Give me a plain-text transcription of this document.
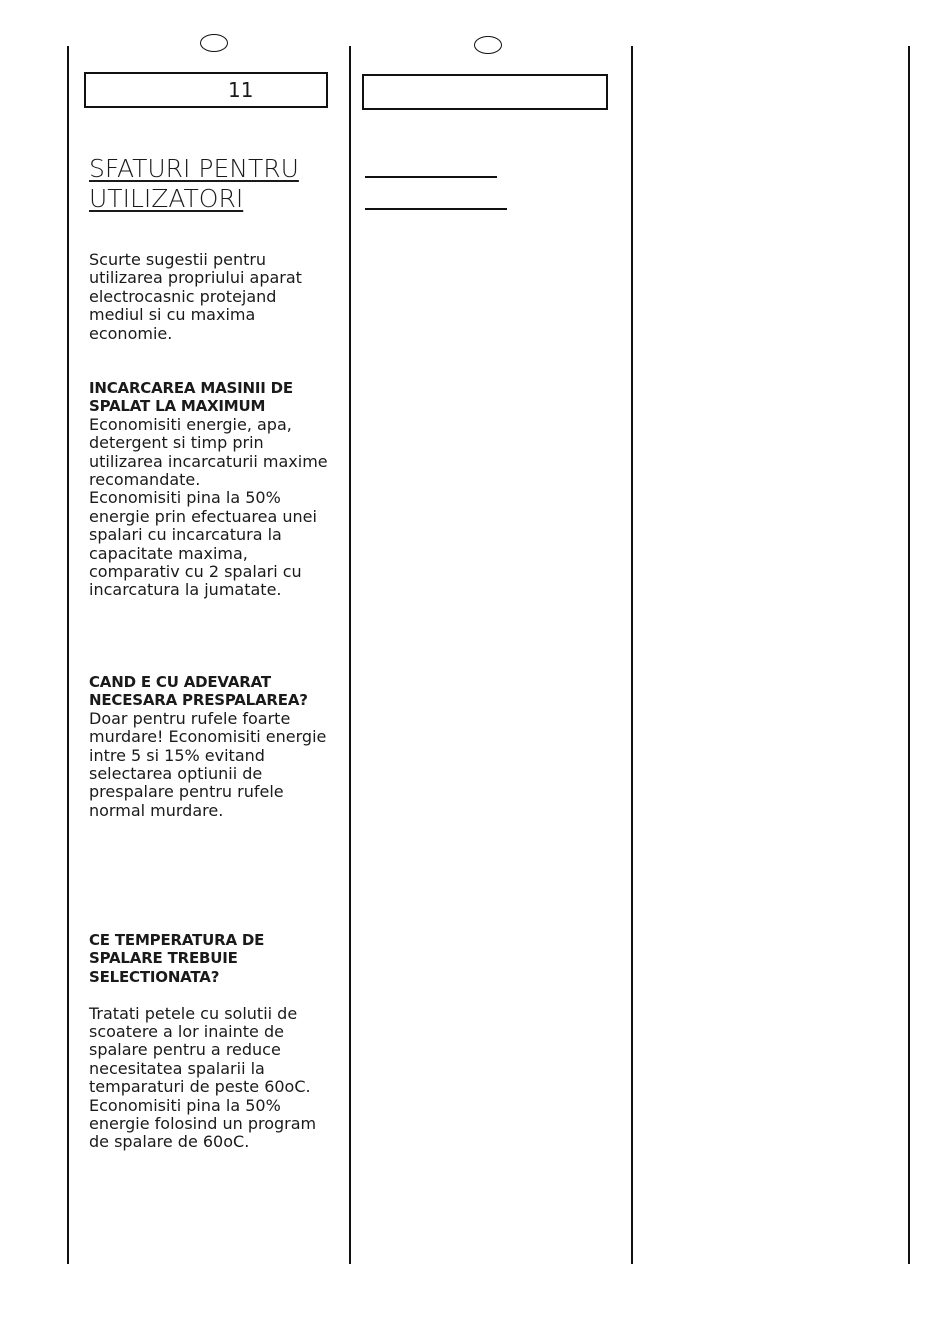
11
SFATURI PENTRU UTILIZATORI
Scurte sugestii pentru
utilizarea propriului aparat
electrocasnic protejand
mediul si cu maxima
economie.
INCARCAREA MASINII DE SPALAT LA MAXIMUM
Economisiti energie, apa,
detergent si timp prin
utilizarea incarcaturii maxime
recomandate.
Economisiti pina la 50%
energie prin efectuarea unei
spalari cu incarcatura la
capacitate maxima,
comparativ cu 2 spalari cu
incarcatura la jumatate.
CAND E CU ADEVARAT NECESARA PRESPALAREA?
Doar pentru rufele foarte
murdare! Economisiti energie
intre 5 si 15% evitand
selectarea optiunii de
prespalare pentru rufele
normal murdare.
CE TEMPERATURA DE SPALARE TREBUIE SELECTIONATA?

Tratati petele cu solutii de
scoatere a lor inainte de
spalare pentru a reduce
necesitatea spalarii la
temparaturi de peste 60oC.
Economisiti pina la 50%
energie folosind un program
de spalare de 60oC.
